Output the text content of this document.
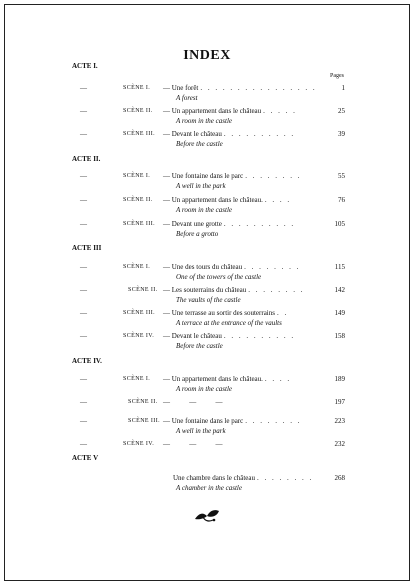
INDEX
Pages
ACTE I.
—	SCÈNE I. — Une forêt . . . . . . . . . . . . . . . .	1
A forest
—	SCÈNE II. — Un appartement dans le château . . . . .	25
A room in the castle
—	SCÈNE III. — Devant le château . . . . . . . . . .	39
Before the castle
ACTE II.
—	SCÈNE I. — Une fontaine dans le parc . . . . . . . .	55
A well in the park
—	SCÈNE II. — Un appartement dans le château. . . . .	76
A room in the castle
—	SCÈNE III. — Devant une grotte . . . . . . . . . .	105
Before a grotto
ACTE III
—	SCÈNE I. — Une des tours du château . . . . . . . .	115
One of the towers of the castle
—	SCÈNE II. — Les souterrains du château . . . . . . . .	142
The vaults of the castle
—	SCÈNE III. — Une terrasse au sortir des souterrains . .	149
A terrace at the entrance of the vaults
—	SCÈNE IV. — Devant le château . . . . . . . . . .	158
Before the castle
ACTE IV.
—	SCÈNE I. — Un appartement dans le château. . . . .	189
A room in the castle
—	SCÈNE II. —           —           —	197
—	SCÈNE III. — Une fontaine dans le parc . . . . . . . .	223
A well in the park
—	SCÈNE IV. —           —           —	232
ACTE V
Une chambre dans le château . . . . . . . .	268
A chamber in the castle
